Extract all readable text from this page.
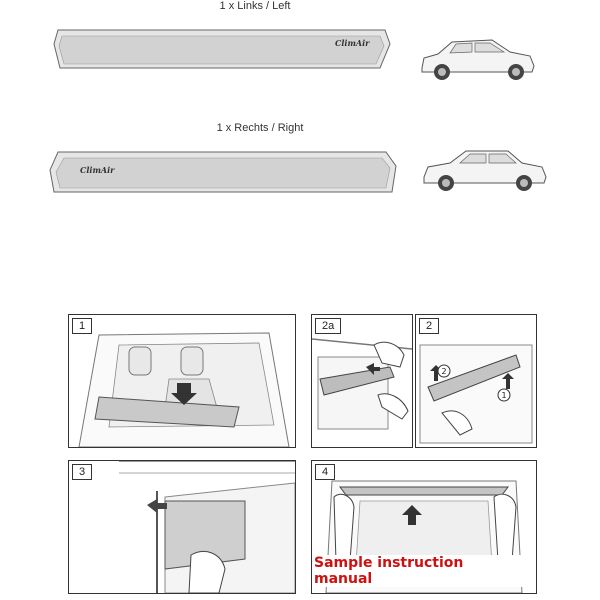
1 x Links / Left
ClimAir
1 x Rechts / Right
ClimAir
1	2a
2
1
2
3	4
Sample instruction manual
